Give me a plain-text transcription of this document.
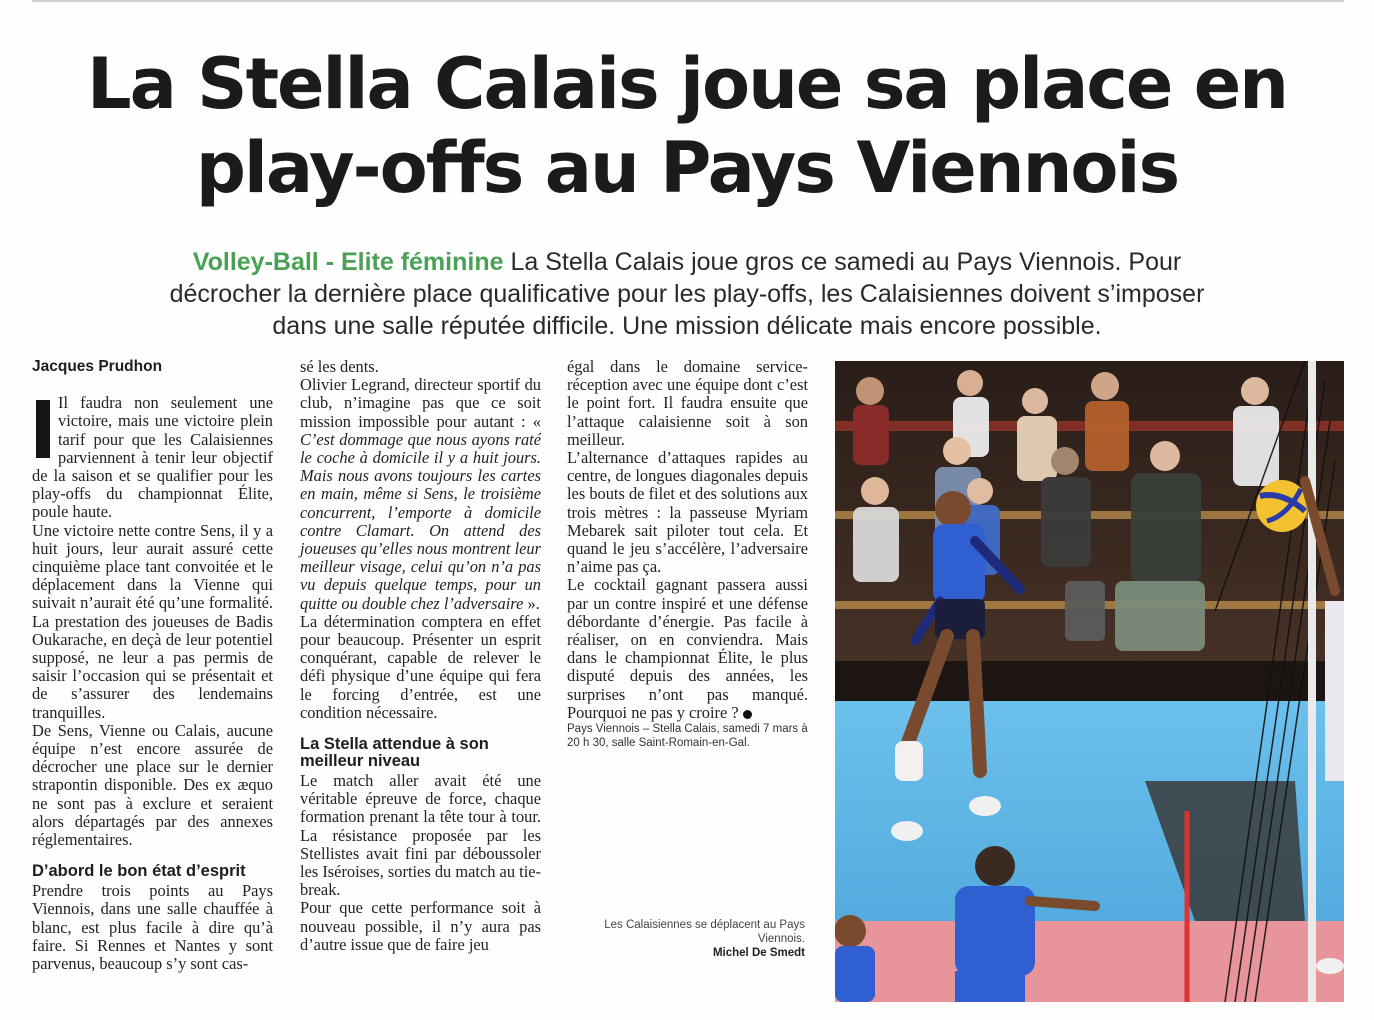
La Stella Calais joue sa place en play-offs au Pays Viennois

Volley-Ball - Elite féminine La Stella Calais joue gros ce samedi au Pays Viennois. Pour décrocher la dernière place qualificative pour les play-offs, les Calaisiennes doivent s’imposer dans une salle réputée difficile. Une mission délicate mais encore possible.

Jacques Prudhon

Il faudra non seulement une victoire, mais une victoire plein tarif pour que les Calaisiennes parviennent à tenir leur objectif de la saison et se qualifier pour les play-offs du championnat Élite, poule haute.

Une victoire nette contre Sens, il y a huit jours, leur aurait assuré cette cinquième place tant convoitée et le déplacement dans la Vienne qui suivait n’aurait été qu’une formalité. La prestation des joueuses de Badis Oukarache, en deçà de leur potentiel supposé, ne leur a pas permis de saisir l’occasion qui se présentait et de s’assurer des lendemains tranquilles.

De Sens, Vienne ou Calais, aucune équipe n’est encore assurée de décrocher une place sur le dernier strapontin disponible. Des ex æquo ne sont pas à exclure et seraient alors départagés par des annexes réglementaires.

D’abord le bon état d’esprit

Prendre trois points au Pays Viennois, dans une salle chauffée à blanc, est plus facile à dire qu’à faire. Si Rennes et Nantes y sont parvenus, beaucoup s’y sont cas-

sé les dents.

Olivier Legrand, directeur sportif du club, n’imagine pas que ce soit mission impossible pour autant : « C’est dommage que nous ayons raté le coche à domicile il y a huit jours. Mais nous avons toujours les cartes en main, même si Sens, le troisième concurrent, l’emporte à domicile contre Clamart. On attend des joueuses qu’elles nous montrent leur meilleur visage, celui qu’on n’a pas vu depuis quelque temps, pour un quitte ou double chez l’adversaire ».

La détermination comptera en effet pour beaucoup. Présenter un esprit conquérant, capable de relever le défi physique d’une équipe qui fera le forcing d’entrée, est une condition nécessaire.

La Stella attendue à son meilleur niveau

Le match aller avait été une véritable épreuve de force, chaque formation prenant la tête tour à tour. La résistance proposée par les Stellistes avait fini par déboussoler les Iséroises, sorties du match au tie-break.

Pour que cette performance soit à nouveau possible, il n’y aura pas d’autre issue que de faire jeu

égal dans le domaine service-réception avec une équipe dont c’est le point fort. Il faudra ensuite que l’attaque calaisienne soit à son meilleur.

L’alternance d’attaques rapides au centre, de longues diagonales depuis les bouts de filet et des solutions aux trois mètres : la passeuse Myriam Mebarek sait piloter tout cela. Et quand le jeu s’accélère, l’adversaire n’aime pas ça.

Le cocktail gagnant passera aussi par un contre inspiré et une défense débordante d’énergie. Pas facile à réaliser, on en conviendra. Mais dans le championnat Élite, le plus disputé depuis des années, les surprises n’ont pas manqué. Pourquoi ne pas y croire ?

Pays Viennois – Stella Calais, samedi 7 mars à 20 h 30, salle Saint-Romain-en-Gal.

Les Calaisiennes se déplacent au Pays Viennois.
Michel De Smedt
